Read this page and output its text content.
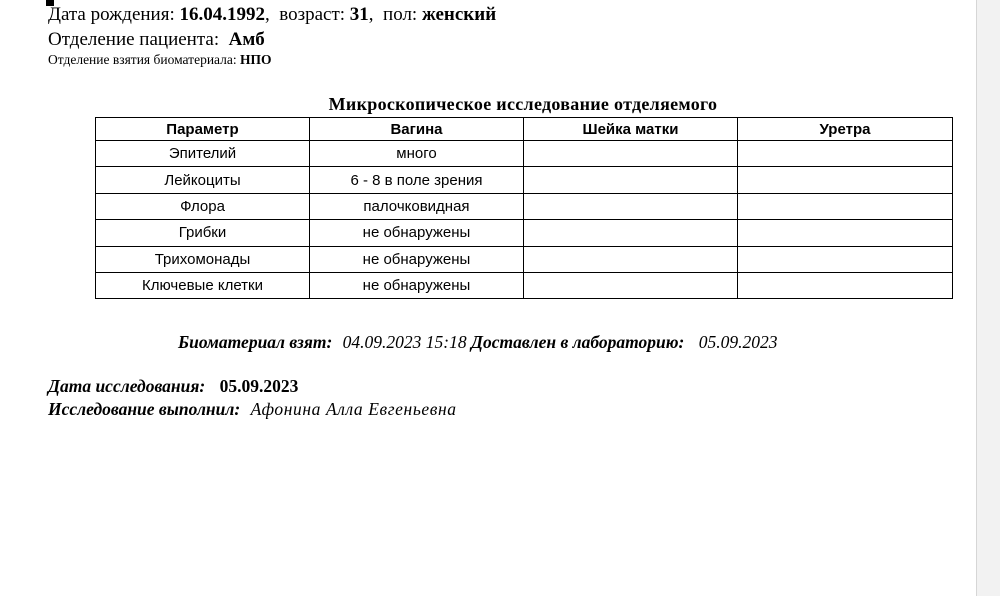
Дата рождения: 16.04.1992,  возраст: 31,  пол: женский
Отделение пациента: Амб
Отделение взятия биоматериала: НПО
Микроскопическое исследование отделяемого
Параметр	Вагина	Шейка матки	Уретра
Эпителий	много		
Лейкоциты	6 - 8 в поле зрения		
Флора	палочковидная		
Грибки	не обнаружены		
Трихомонады	не обнаружены		
Ключевые клетки	не обнаружены		
Биоматериал взят: 04.09.2023 15:18 Доставлен в лабораторию: 05.09.2023
Дата исследования: 05.09.2023
Исследование выполнил: Афонина Алла Евгеньевна
